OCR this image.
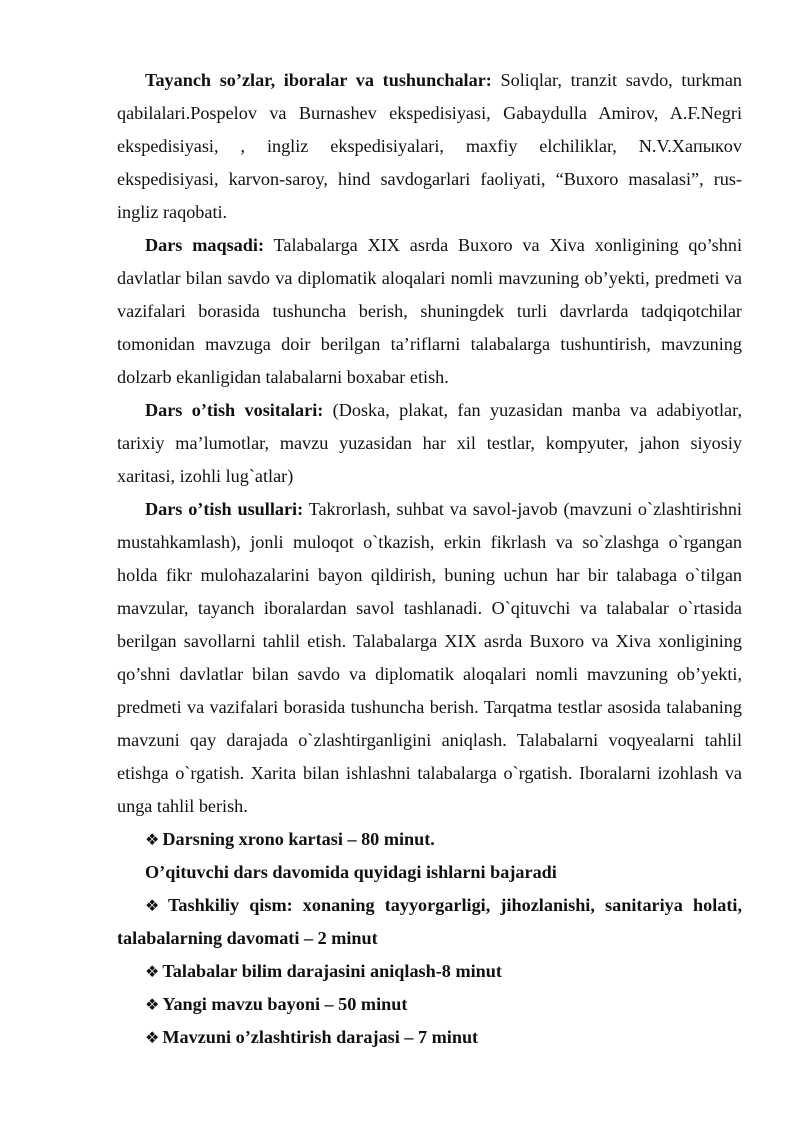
Tayanch so’zlar, iboralar va tushunchalar: Soliqlar, tranzit savdo, turkman qabilalari.Pospelov va Burnashev ekspedisiyasi, Gabaydulla Amirov, A.F.Negri ekspedisiyasi, , ingliz ekspedisiyalari, maxfiy elchiliklar, N.V.Xaпыкov ekspedisiyasi, karvon-saroy, hind savdogarlari faoliyati, “Buxoro masalasi”, rus-ingliz raqobati.

Dars maqsadi: Talabalarga XIX asrda Buxoro va Xiva xonligining qo’shni davlatlar bilan savdo va diplomatik aloqalari nomli mavzuning ob’yekti, predmeti va vazifalari borasida tushuncha berish, shuningdek turli davrlarda tadqiqotchilar tomonidan mavzuga doir berilgan ta’riflarni talabalarga tushuntirish, mavzuning dolzarb ekanligidan talabalarni boxabar etish.

Dars o’tish vositalari: (Doska, plakat, fan yuzasidan manba va adabiyotlar, tarixiy ma’lumotlar, mavzu yuzasidan har xil testlar, kompyuter, jahon siyosiy xaritasi, izohli lug`atlar)

Dars o’tish usullari: Takrorlash, suhbat va savol-javob (mavzuni o`zlashtirishni mustahkamlash), jonli muloqot o`tkazish, erkin fikrlash va so`zlashga o`rgangan holda fikr mulohazalarini bayon qildirish, buning uchun har bir talabaga o`tilgan mavzular, tayanch iboralardan savol tashlanadi. O`qituvchi va talabalar o`rtasida berilgan savollarni tahlil etish. Talabalarga XIX asrda Buxoro va Xiva xonligining qo’shni davlatlar bilan savdo va diplomatik aloqalari nomli mavzuning ob’yekti, predmeti va vazifalari borasida tushuncha berish. Tarqatma testlar asosida talabaning mavzuni qay darajada o`zlashtirganligini aniqlash. Talabalarni voqyealarni tahlil etishga o`rgatish. Xarita bilan ishlashni talabalarga o`rgatish. Iboralarni izohlash va unga tahlil berish.

❖ Darsning xrono kartasi – 80 minut.

O’qituvchi dars davomida quyidagi ishlarni bajaradi

❖ Tashkiliy qism: xonaning tayyorgarligi, jihozlanishi, sanitariya holati, talabalarning davomati – 2 minut

❖ Talabalar bilim darajasini aniqlash-8 minut

❖ Yangi mavzu bayoni – 50 minut

❖ Mavzuni o’zlashtirish darajasi – 7 minut
